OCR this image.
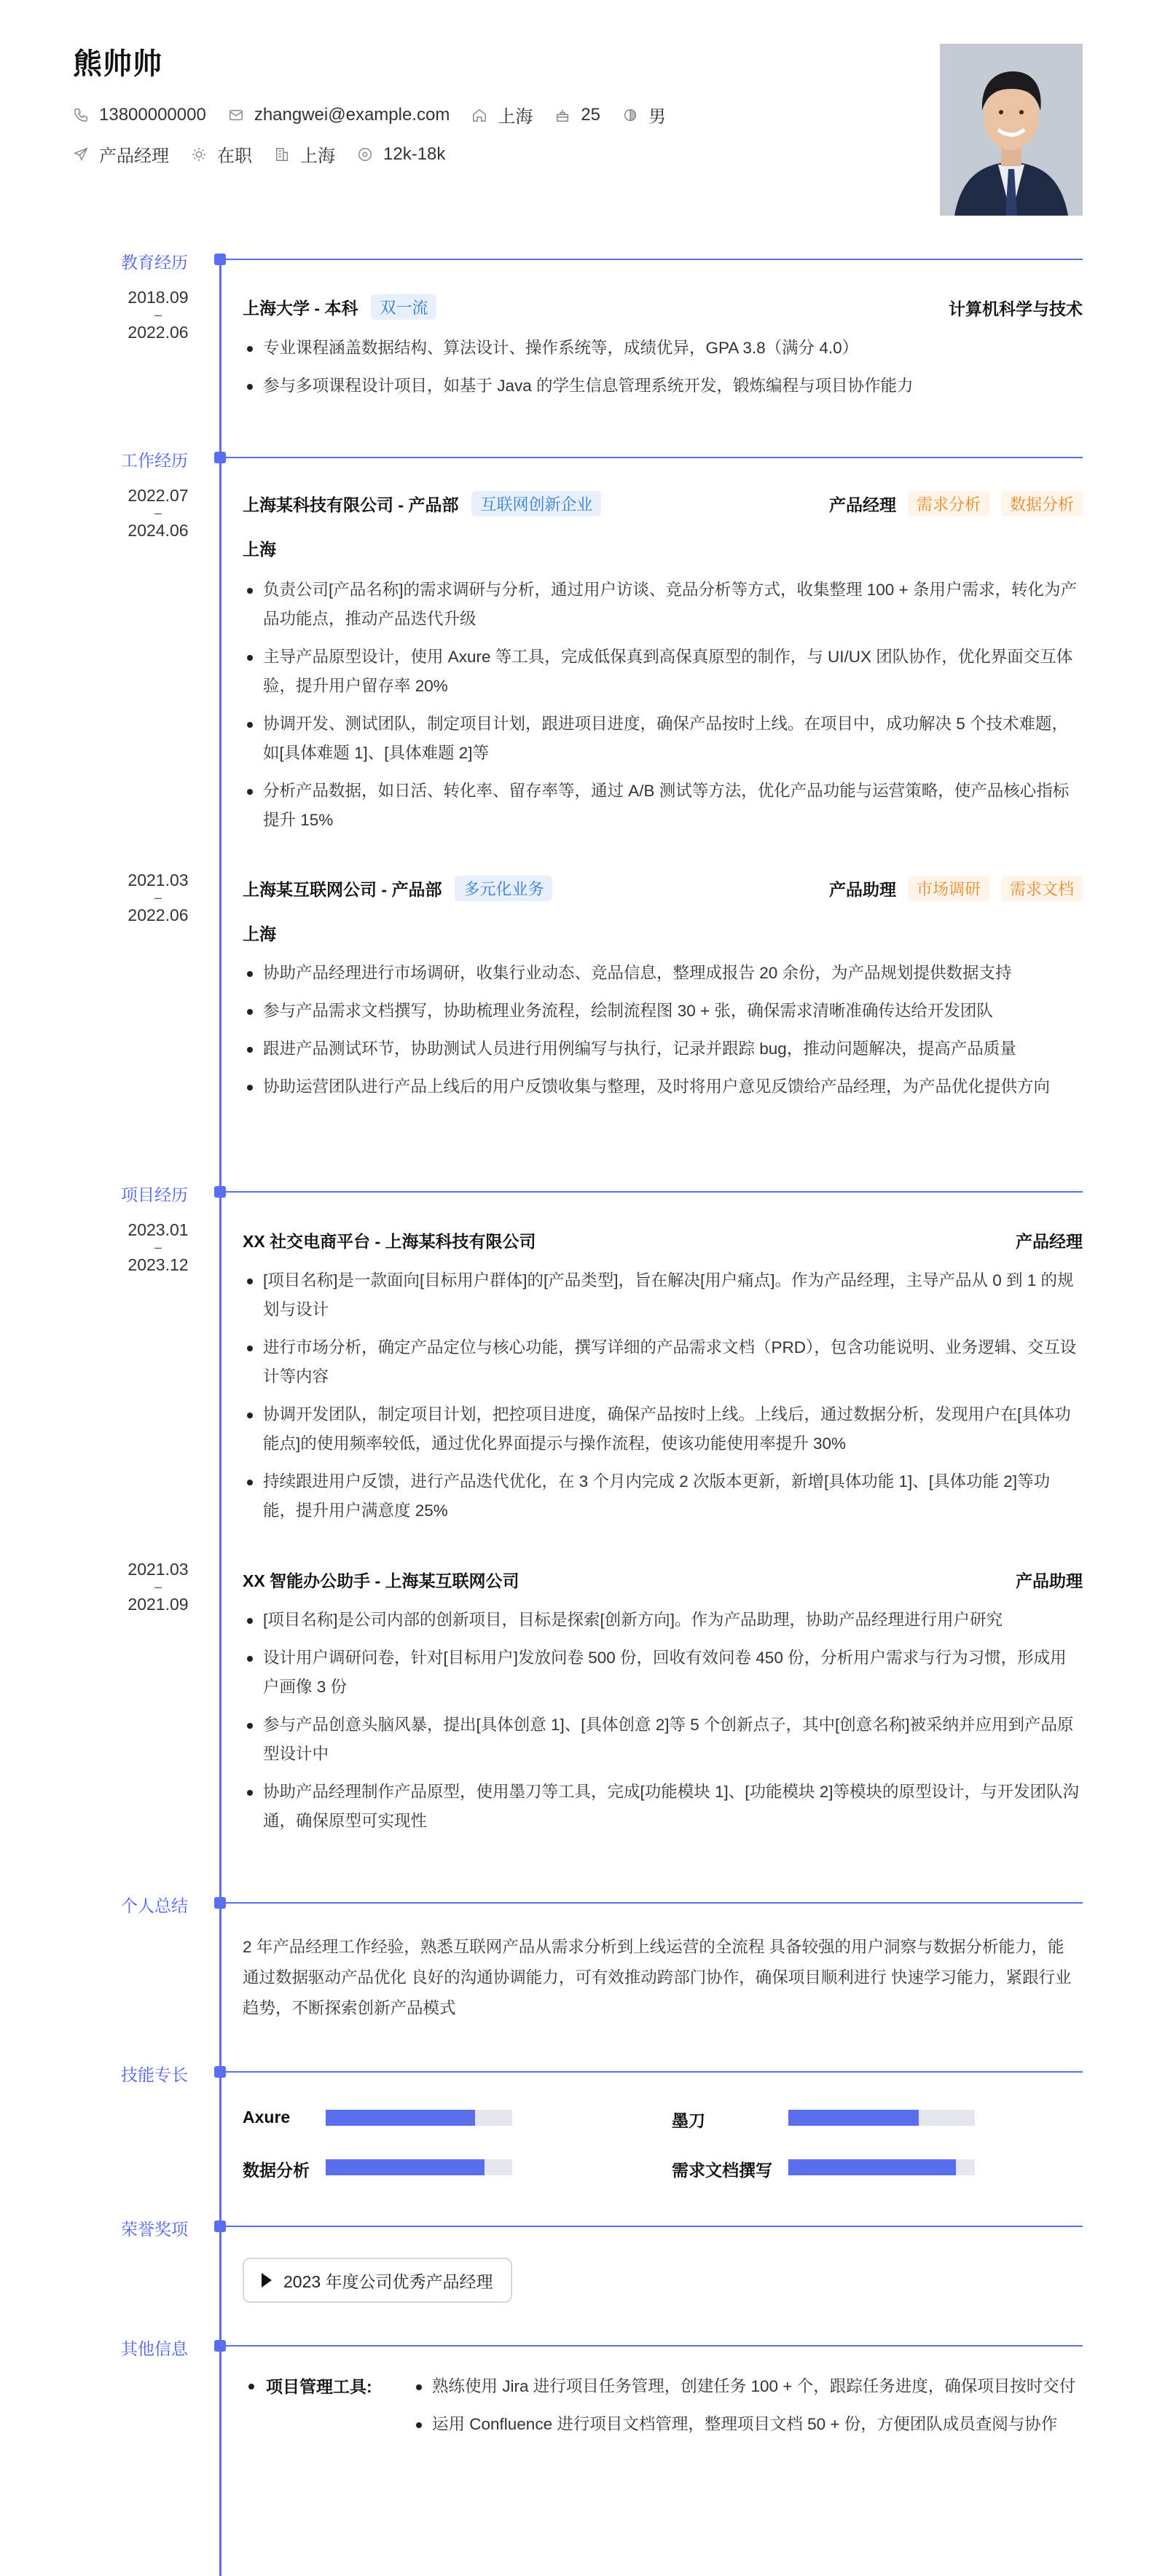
熊帅帅
13800000000	zhangwei@example.com	上海	25	男
产品经理	在职	上海	12k-18k
教育经历
2018.09
–
2022.06
上海大学 - 本科	双一流	计算机科学与技术
专业课程涵盖数据结构、算法设计、操作系统等，成绩优异，GPA 3.8（满分 4.0）
参与多项课程设计项目，如基于 Java 的学生信息管理系统开发，锻炼编程与项目协作能力
工作经历
2022.07
–
2024.06
上海某科技有限公司 - 产品部	互联网创新企业	产品经理	需求分析	数据分析
上海
负责公司[产品名称]的需求调研与分析，通过用户访谈、竞品分析等方式，收集整理 100 + 条用户需求，转化为产品功能点，推动产品迭代升级
主导产品原型设计，使用 Axure 等工具，完成低保真到高保真原型的制作，与 UI/UX 团队协作，优化界面交互体验，提升用户留存率 20%
协调开发、测试团队，制定项目计划，跟进项目进度，确保产品按时上线。在项目中，成功解决 5 个技术难题，如[具体难题 1]、[具体难题 2]等
分析产品数据，如日活、转化率、留存率等，通过 A/B 测试等方法，优化产品功能与运营策略，使产品核心指标提升 15%
2021.03
–
2022.06
上海某互联网公司 - 产品部	多元化业务	产品助理	市场调研	需求文档
上海
协助产品经理进行市场调研，收集行业动态、竞品信息，整理成报告 20 余份，为产品规划提供数据支持
参与产品需求文档撰写，协助梳理业务流程，绘制流程图 30 + 张，确保需求清晰准确传达给开发团队
跟进产品测试环节，协助测试人员进行用例编写与执行，记录并跟踪 bug，推动问题解决，提高产品质量
协助运营团队进行产品上线后的用户反馈收集与整理，及时将用户意见反馈给产品经理，为产品优化提供方向
项目经历
2023.01
–
2023.12
XX 社交电商平台 - 上海某科技有限公司	产品经理
[项目名称]是一款面向[目标用户群体]的[产品类型]，旨在解决[用户痛点]。作为产品经理，主导产品从 0 到 1 的规划与设计
进行市场分析，确定产品定位与核心功能，撰写详细的产品需求文档（PRD），包含功能说明、业务逻辑、交互设计等内容
协调开发团队，制定项目计划，把控项目进度，确保产品按时上线。上线后，通过数据分析，发现用户在[具体功能点]的使用频率较低，通过优化界面提示与操作流程，使该功能使用率提升 30%
持续跟进用户反馈，进行产品迭代优化，在 3 个月内完成 2 次版本更新，新增[具体功能 1]、[具体功能 2]等功能，提升用户满意度 25%
2021.03
–
2021.09
XX 智能办公助手 - 上海某互联网公司	产品助理
[项目名称]是公司内部的创新项目，目标是探索[创新方向]。作为产品助理，协助产品经理进行用户研究
设计用户调研问卷，针对[目标用户]发放问卷 500 份，回收有效问卷 450 份，分析用户需求与行为习惯，形成用户画像 3 份
参与产品创意头脑风暴，提出[具体创意 1]、[具体创意 2]等 5 个创新点子，其中[创意名称]被采纳并应用到产品原型设计中
协助产品经理制作产品原型，使用墨刀等工具，完成[功能模块 1]、[功能模块 2]等模块的原型设计，与开发团队沟通，确保原型可实现性
个人总结
2 年产品经理工作经验，熟悉互联网产品从需求分析到上线运营的全流程 具备较强的用户洞察与数据分析能力，能通过数据驱动产品优化 良好的沟通协调能力，可有效推动跨部门协作，确保项目顺利进行 快速学习能力，紧跟行业趋势，不断探索创新产品模式
技能专长
Axure	墨刀
数据分析	需求文档撰写
荣誉奖项
2023 年度公司优秀产品经理
其他信息
项目管理工具:	熟练使用 Jira 进行项目任务管理，创建任务 100 + 个，跟踪任务进度，确保项目按时交付
运用 Confluence 进行项目文档管理，整理项目文档 50 + 份，方便团队成员查阅与协作
